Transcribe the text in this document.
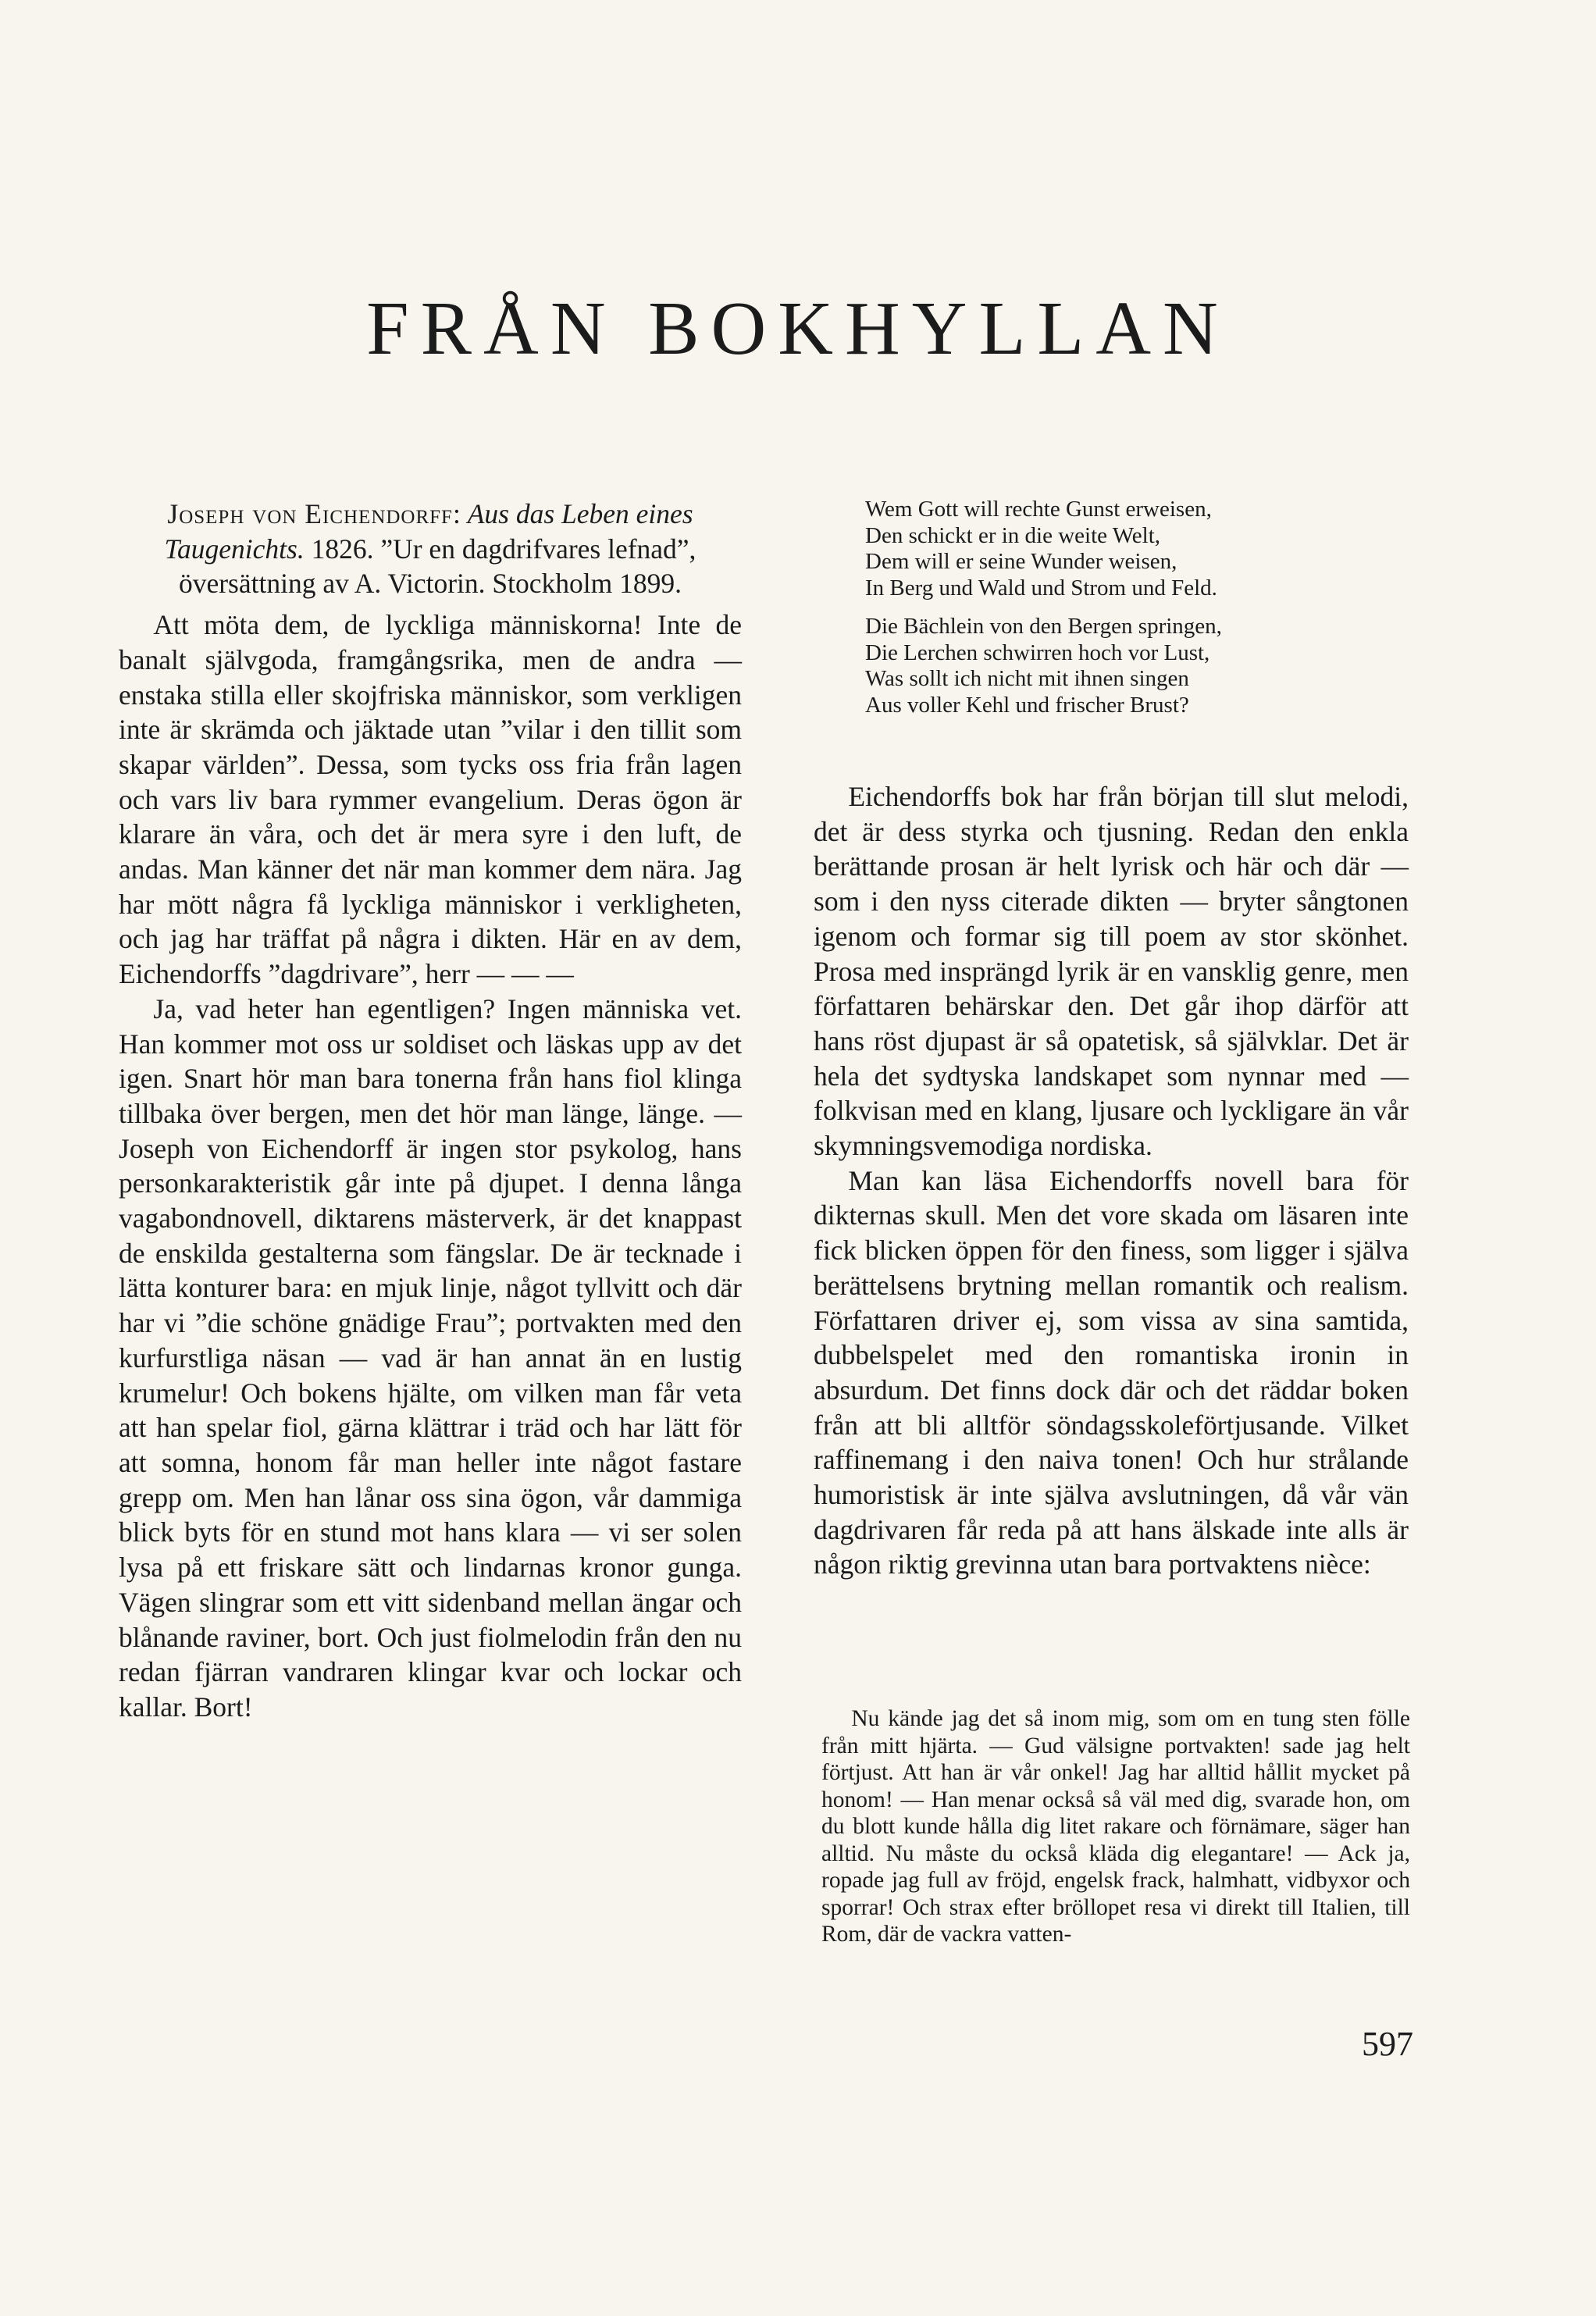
FRÅN BOKHYLLAN
Joseph von Eichendorff: Aus das Leben eines Taugenichts. 1826. ”Ur en dagdrifvares lefnad”, översättning av A. Victorin. Stockholm 1899.

Att möta dem, de lyckliga människorna! Inte de banalt självgoda, framgångsrika, men de andra — enstaka stilla eller skojfriska människor, som verkligen inte är skrämda och jäktade utan ”vilar i den tillit som skapar världen”. Dessa, som tycks oss fria från lagen och vars liv bara rymmer evangelium. Deras ögon är klarare än våra, och det är mera syre i den luft, de andas. Man känner det när man kommer dem nära. Jag har mött några få lyckliga människor i verkligheten, och jag har träffat på några i dikten. Här en av dem, Eichendorffs ”dagdrivare”, herr — — —

Ja, vad heter han egentligen? Ingen människa vet. Han kommer mot oss ur soldiset och läskas upp av det igen. Snart hör man bara tonerna från hans fiol klinga tillbaka över bergen, men det hör man länge, länge. — Joseph von Eichendorff är ingen stor psykolog, hans personkarakteristik går inte på djupet. I denna långa vagabondnovell, diktarens mästerverk, är det knappast de enskilda gestalterna som fängslar. De är tecknade i lätta konturer bara: en mjuk linje, något tyllvitt och där har vi ”die schöne gnädige Frau”; portvakten med den kurfurstliga näsan — vad är han annat än en lustig krumelur! Och bokens hjälte, om vilken man får veta att han spelar fiol, gärna klättrar i träd och har lätt för att somna, honom får man heller inte något fastare grepp om. Men han lånar oss sina ögon, vår dammiga blick byts för en stund mot hans klara — vi ser solen lysa på ett friskare sätt och lindarnas kronor gunga. Vägen slingrar som ett vitt sidenband mellan ängar och blånande raviner, bort. Och just fiolmelodin från den nu redan fjärran vandraren klingar kvar och lockar och kallar. Bort!

Wem Gott will rechte Gunst erweisen,
Den schickt er in die weite Welt,
Dem will er seine Wunder weisen,
In Berg und Wald und Strom und Feld.
Die Bächlein von den Bergen springen,
Die Lerchen schwirren hoch vor Lust,
Was sollt ich nicht mit ihnen singen
Aus voller Kehl und frischer Brust?

Eichendorffs bok har från början till slut melodi, det är dess styrka och tjusning. Redan den enkla berättande prosan är helt lyrisk och här och där — som i den nyss citerade dikten — bryter sångtonen igenom och formar sig till poem av stor skönhet. Prosa med insprängd lyrik är en vansklig genre, men författaren behärskar den. Det går ihop därför att hans röst djupast är så opatetisk, så självklar. Det är hela det sydtyska landskapet som nynnar med — folkvisan med en klang, ljusare och lyckligare än vår skymningsvemodiga nordiska.

Man kan läsa Eichendorffs novell bara för dikternas skull. Men det vore skada om läsaren inte fick blicken öppen för den finess, som ligger i själva berättelsens brytning mellan romantik och realism. Författaren driver ej, som vissa av sina samtida, dubbelspelet med den romantiska ironin in absurdum. Det finns dock där och det räddar boken från att bli alltför söndagsskoleförtjusande. Vilket raffinemang i den naiva tonen! Och hur strålande humoristisk är inte själva avslutningen, då vår vän dagdrivaren får reda på att hans älskade inte alls är någon riktig grevinna utan bara portvaktens nièce:

Nu kände jag det så inom mig, som om en tung sten fölle från mitt hjärta. — Gud välsigne portvakten! sade jag helt förtjust. Att han är vår onkel! Jag har alltid hållit mycket på honom! — Han menar också så väl med dig, svarade hon, om du blott kunde hålla dig litet rakare och förnämare, säger han alltid. Nu måste du också kläda dig elegantare! — Ack ja, ropade jag full av fröjd, engelsk frack, halmhatt, vidbyxor och sporrar! Och strax efter bröllopet resa vi direkt till Italien, till Rom, där de vackra vatten-

597
